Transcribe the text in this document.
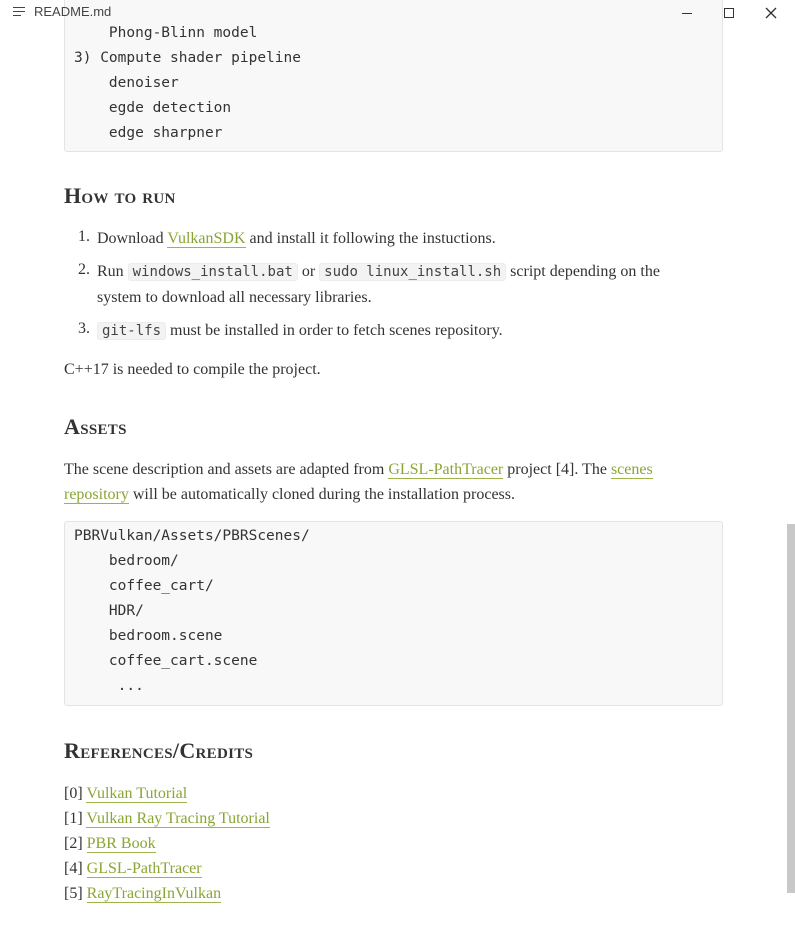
README.md
Phong-Blinn model
3) Compute shader pipeline
denoiser
egde detection
edge sharpner
How to run
1. Download VulkanSDK and install it following the instuctions.
2. Run windows_install.bat or sudo linux_install.sh script depending on the
system to download all necessary libraries.
3. git-lfs must be installed in order to fetch scenes repository.
C++17 is needed to compile the project.
Assets
The scene description and assets are adapted from GLSL-PathTracer project [4]. The scenes
repository will be automatically cloned during the installation process.
PBRVulkan/Assets/PBRScenes/
bedroom/
coffee_cart/
HDR/
bedroom.scene
coffee_cart.scene
...
References/Credits
[0] Vulkan Tutorial
[1] Vulkan Ray Tracing Tutorial
[2] PBR Book
[4] GLSL-PathTracer
[5] RayTracingInVulkan
